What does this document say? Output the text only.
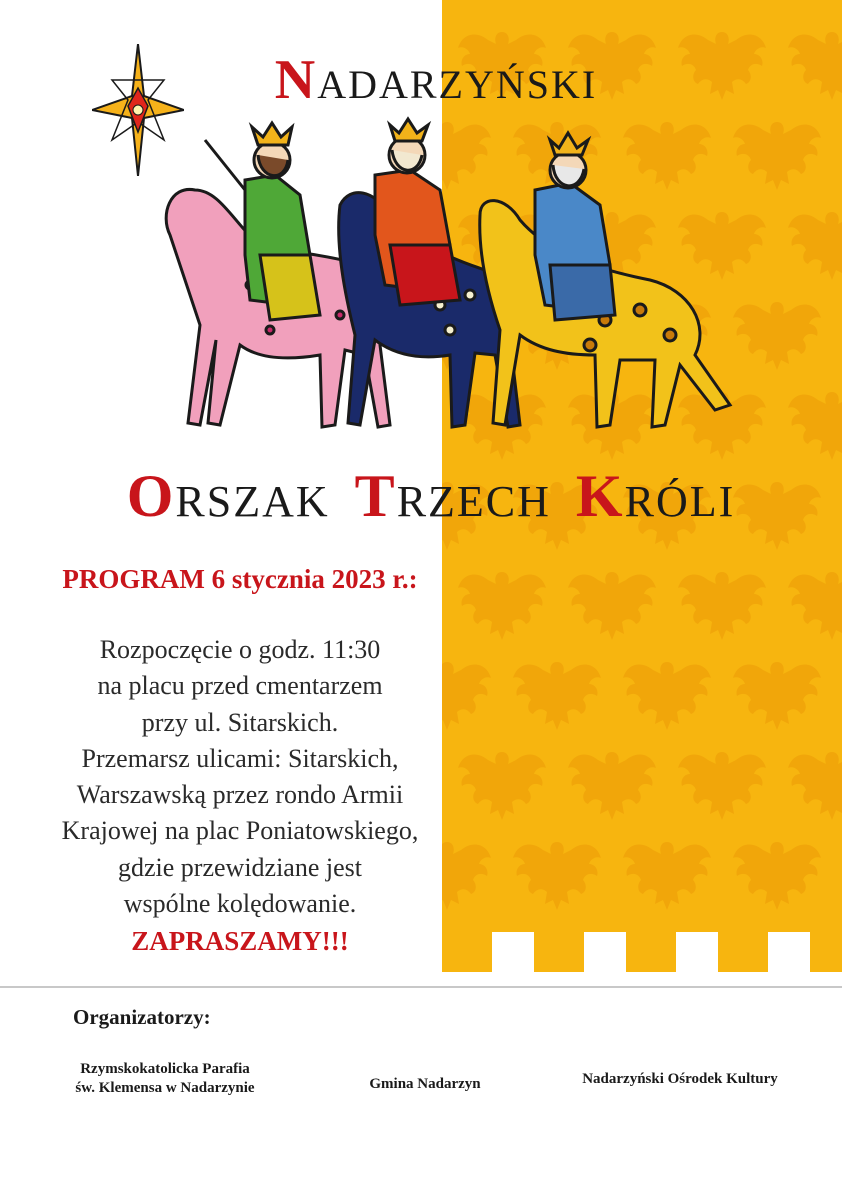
NADARZYŃSKI
ORSZAK TRZECH KRÓLI
PROGRAM 6 stycznia 2023 r.:
Rozpoczęcie o godz. 11:30
na placu przed cmentarzem
przy ul. Sitarskich.
Przemarsz ulicami: Sitarskich,
Warszawską przez rondo Armii
Krajowej na plac Poniatowskiego,
gdzie przewidziane jest
wspólne kolędowanie.
ZAPRASZAMY!!!
Organizatorzy:
Rzymskokatolicka Parafia
św. Klemensa w Nadarzynie	Gmina Nadarzyn	Nadarzyński Ośrodek Kultury
